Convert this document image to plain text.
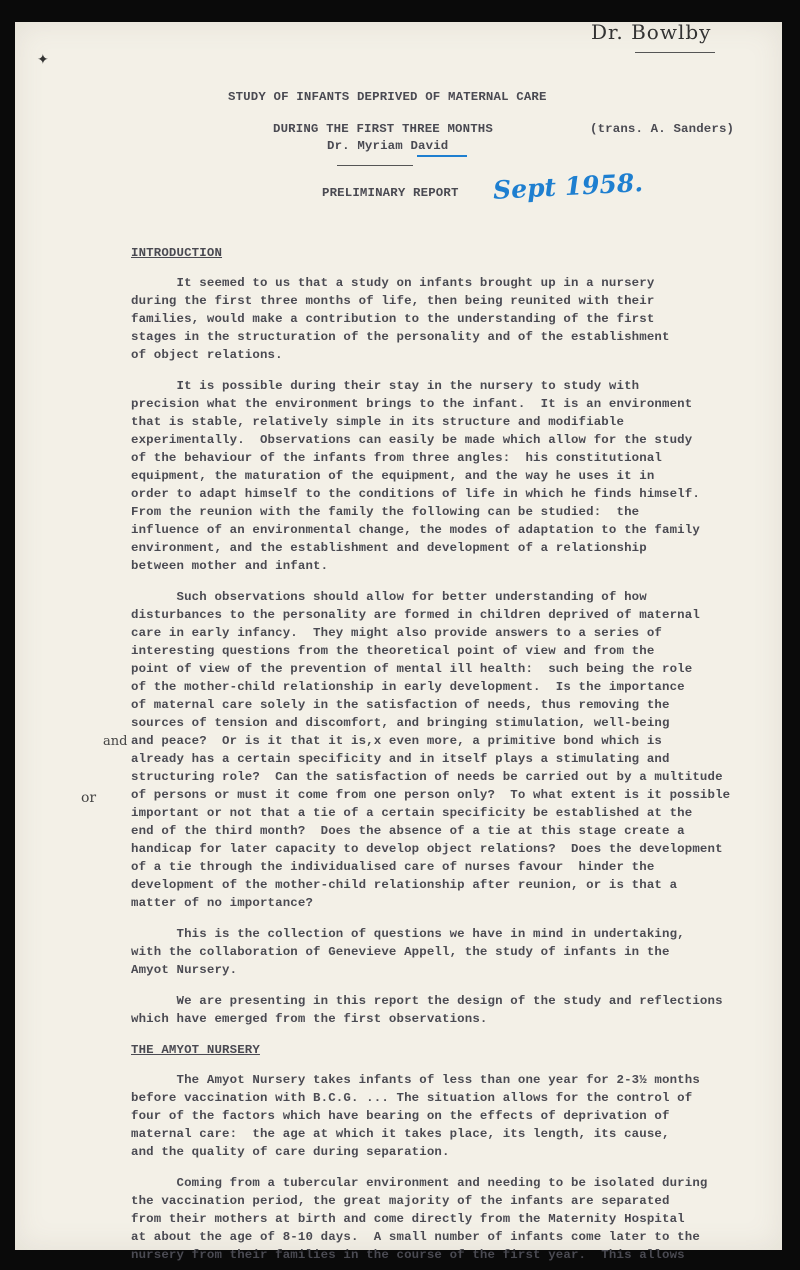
Dr. Bowlby
Sept 1958.
and
or
✦
STUDY OF INFANTS DEPRIVED OF MATERNAL CARE
DURING THE FIRST THREE MONTHS	(trans. A. Sanders)
Dr. Myriam David
PRELIMINARY REPORT
INTRODUCTION
It seemed to us that a study on infants brought up in a nursery
during the first three months of life, then being reunited with their
families, would make a contribution to the understanding of the first
stages in the structuration of the personality and of the establishment
of object relations.
It is possible during their stay in the nursery to study with
precision what the environment brings to the infant.  It is an environment
that is stable, relatively simple in its structure and modifiable
experimentally.  Observations can easily be made which allow for the study
of the behaviour of the infants from three angles:  his constitutional
equipment, the maturation of the equipment, and the way he uses it in
order to adapt himself to the conditions of life in which he finds himself.
From the reunion with the family the following can be studied:  the
influence of an environmental change, the modes of adaptation to the family
environment, and the establishment and development of a relationship
between mother and infant.
Such observations should allow for better understanding of how
disturbances to the personality are formed in children deprived of maternal
care in early infancy.  They might also provide answers to a series of
interesting questions from the theoretical point of view and from the
point of view of the prevention of mental ill health:  such being the role
of the mother-child relationship in early development.  Is the importance
of maternal care solely in the satisfaction of needs, thus removing the
sources of tension and discomfort, and bringing stimulation, well-being
and peace?  Or is it that it is,x even more, a primitive bond which is
already has a certain specificity and in itself plays a stimulating and
structuring role?  Can the satisfaction of needs be carried out by a multitude
of persons or must it come from one person only?  To what extent is it possible
important or not that a tie of a certain specificity be established at the
end of the third month?  Does the absence of a tie at this stage create a
handicap for later capacity to develop object relations?  Does the development
of a tie through the individualised care of nurses favour  hinder the
development of the mother-child relationship after reunion, or is that a
matter of no importance?
This is the collection of questions we have in mind in undertaking,
with the collaboration of Genevieve Appell, the study of infants in the
Amyot Nursery.
We are presenting in this report the design of the study and reflections
which have emerged from the first observations.
THE AMYOT NURSERY
The Amyot Nursery takes infants of less than one year for 2-3½ months
before vaccination with B.C.G. ... The situation allows for the control of
four of the factors which have bearing on the effects of deprivation of
maternal care:  the age at which it takes place, its length, its cause,
and the quality of care during separation.
Coming from a tubercular environment and needing to be isolated during
the vaccination period, the great majority of the infants are separated
from their mothers at birth and come directly from the Maternity Hospital
at about the age of 8-10 days.  A small number of infants come later to the
nursery from their families in the course of the first year.  This allows
